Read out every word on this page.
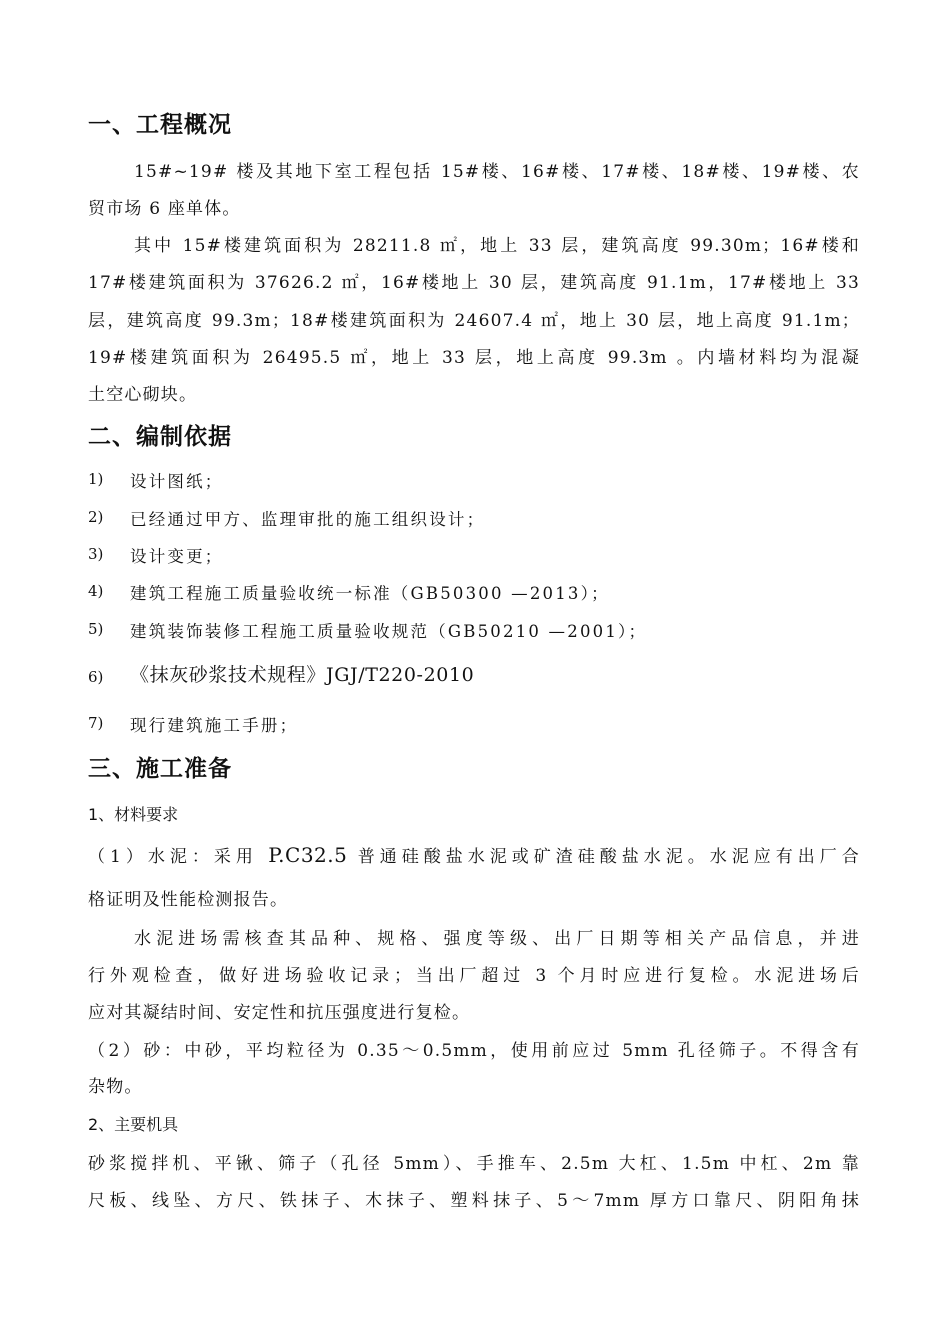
一、工程概况
15#~19# 楼及其地下室工程包括 15#楼、16#楼、17#楼、18#楼、19#楼、农
贸市场 6 座单体。
其中 15#楼建筑面积为 28211.8 ㎡，地上 33 层，建筑高度 99.30m；16#楼和
17#楼建筑面积为 37626.2 ㎡，16#楼地上 30 层，建筑高度 91.1m，17#楼地上 33
层，建筑高度 99.3m；18#楼建筑面积为 24607.4 ㎡，地上 30 层，地上高度 91.1m；
19#楼建筑面积为 26495.5 ㎡，地上 33 层，地上高度 99.3m 。内墙材料均为混凝
土空心砌块。
二、编制依据
1) 设计图纸；
2) 已经通过甲方、监理审批的施工组织设计；
3) 设计变更；
4) 建筑工程施工质量验收统一标准（GB50300 —2013）；
5) 建筑装饰装修工程施工质量验收规范（GB50210 —2001）；
6) 《抹灰砂浆技术规程》JGJ/T220-2010
7) 现行建筑施工手册；
三、施工准备
1、材料要求
（1）水泥：采用 P.C32.5 普通硅酸盐水泥或矿渣硅酸盐水泥。水泥应有出厂合
格证明及性能检测报告。
水泥进场需核查其品种、规格、强度等级、出厂日期等相关产品信息，并进
行外观检查，做好进场验收记录；当出厂超过 3 个月时应进行复检。水泥进场后
应对其凝结时间、安定性和抗压强度进行复检。
（2）砂：中砂，平均粒径为 0.35～0.5mm，使用前应过 5mm 孔径筛子。不得含有
杂物。
2、主要机具
砂浆搅拌机、平锹、筛子（孔径 5mm）、手推车、2.5m 大杠、1.5m 中杠、2m 靠
尺板、线坠、方尺、铁抹子、木抹子、塑料抹子、5～7mm 厚方口靠尺、阴阳角抹
